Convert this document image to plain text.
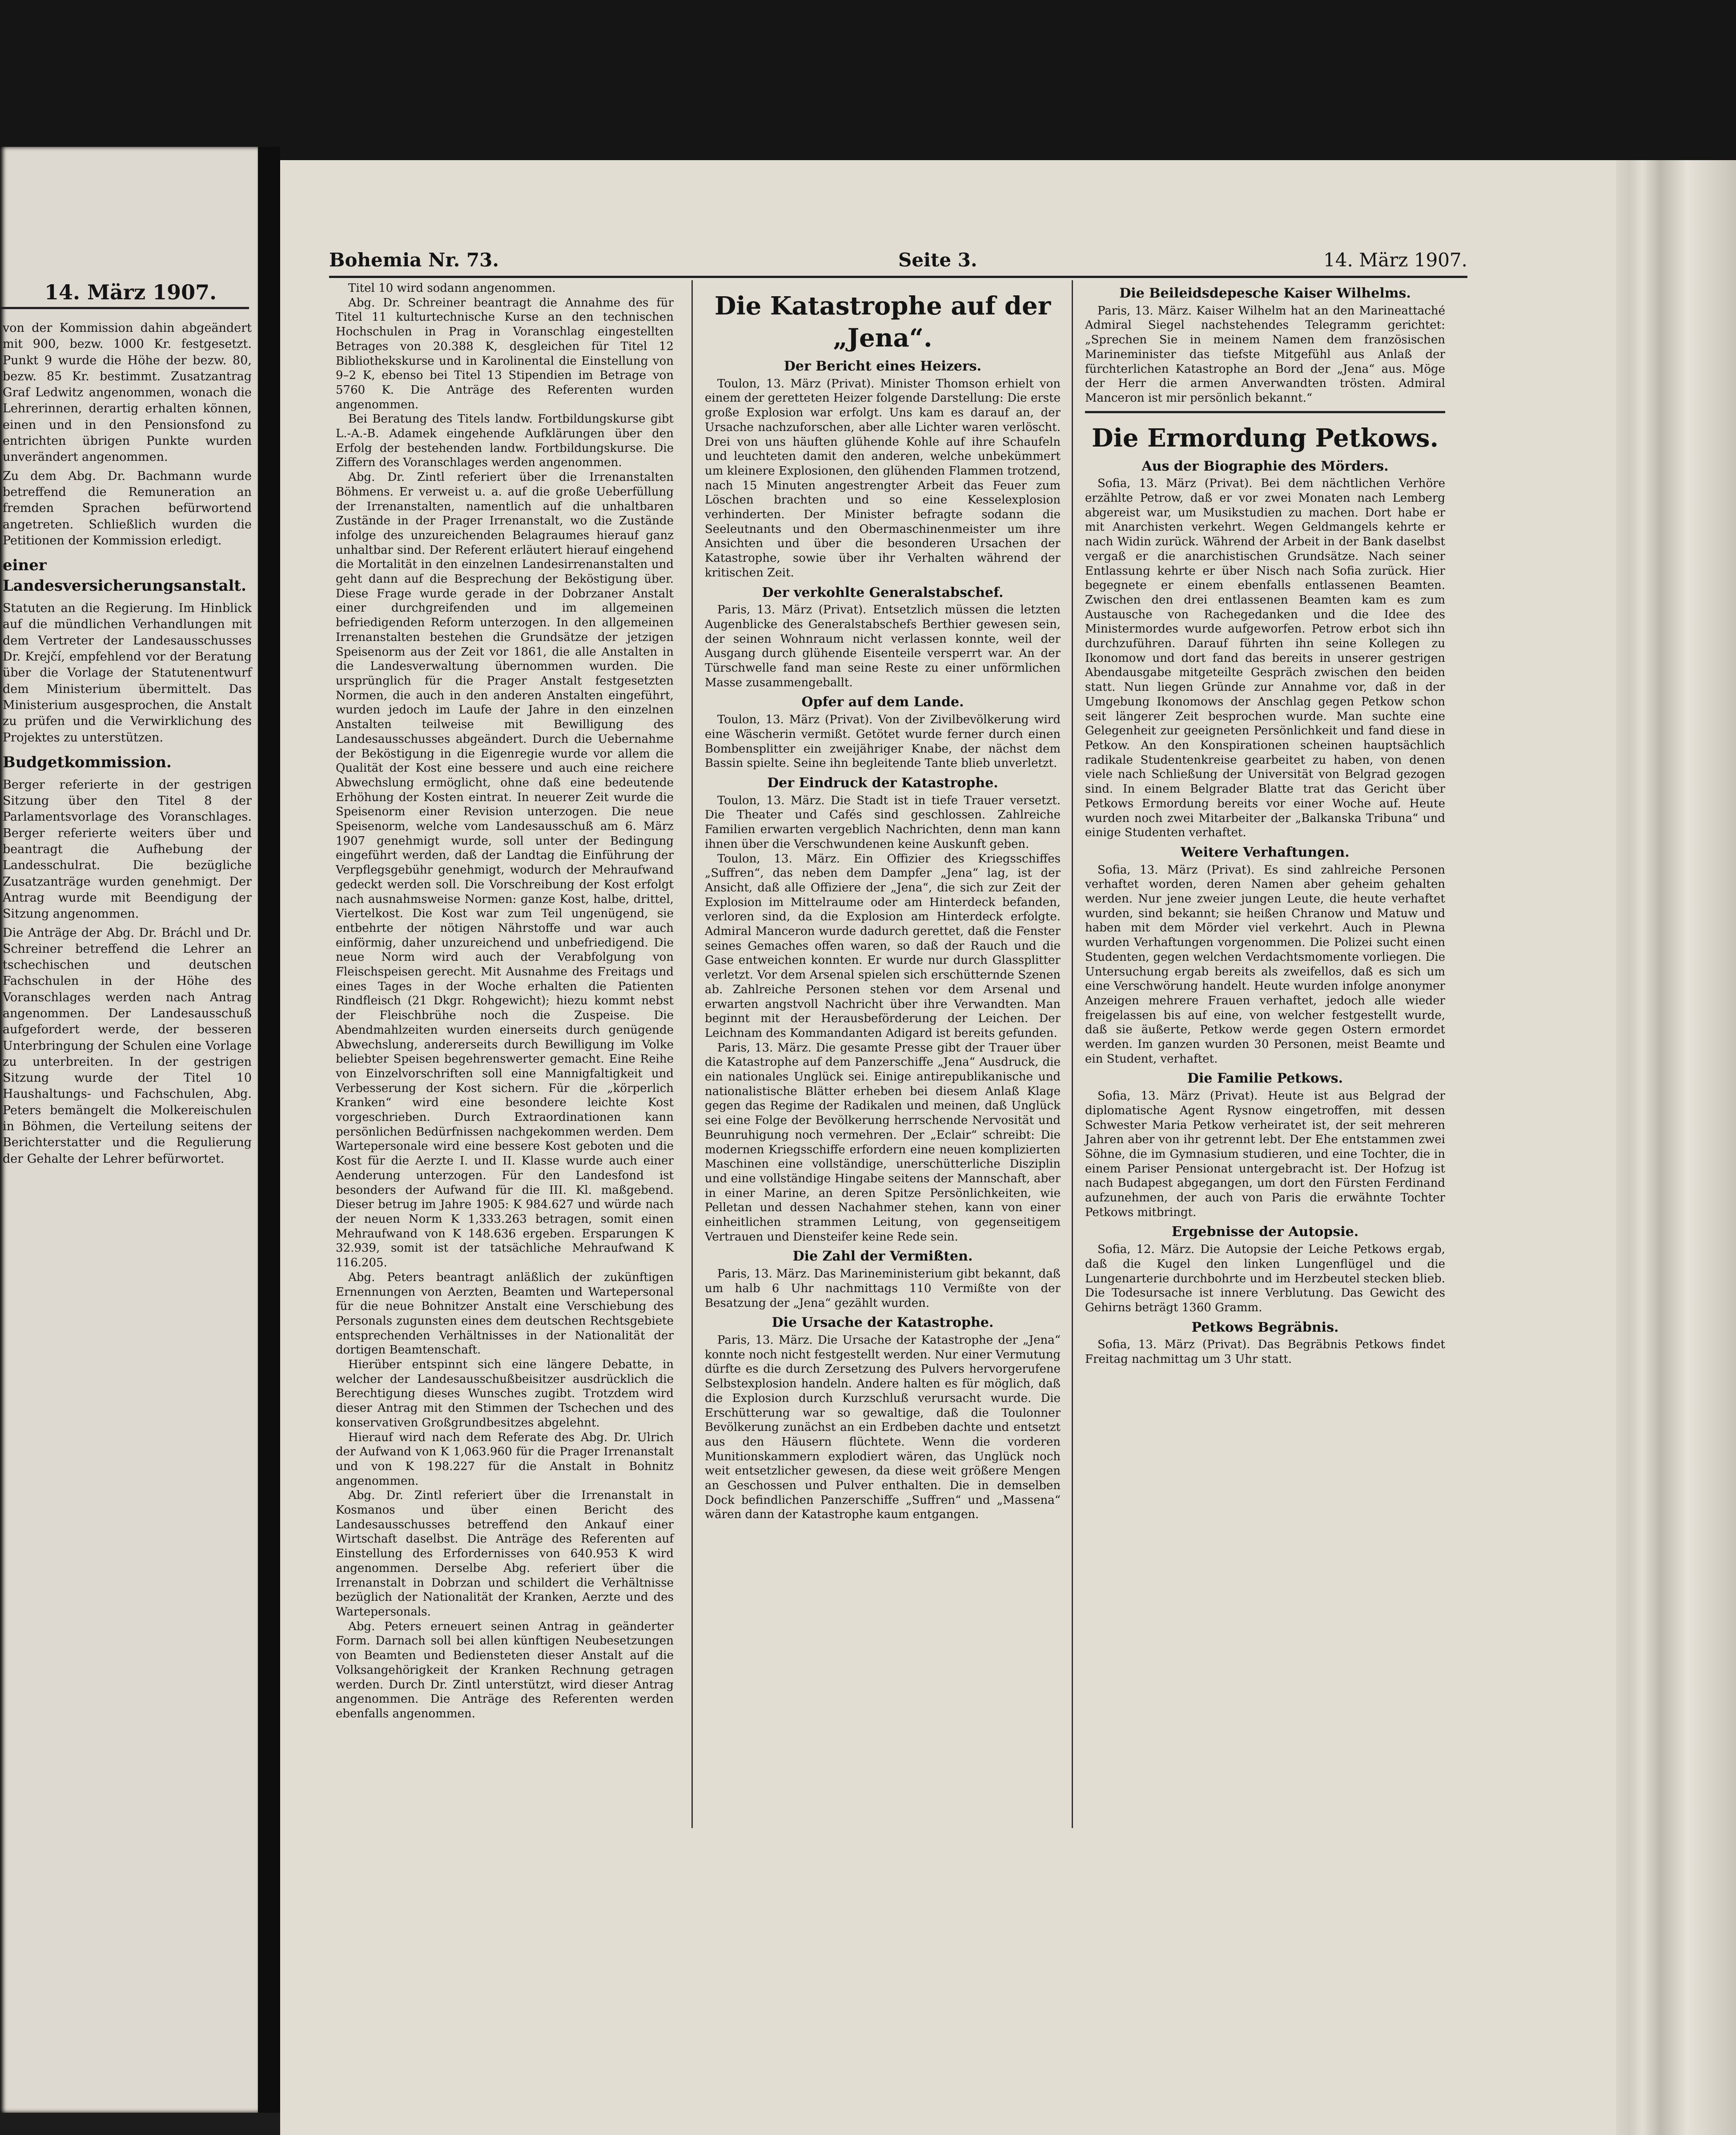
14. März 1907.

von der Kommission dahin abgeändert mit 900, bezw. 1000 Kr. festgesetzt. Punkt 9 wurde die Höhe der bezw. 80, bezw. 85 Kr. bestimmt. Zusatzantrag Graf Ledwitz angenommen, wonach die Lehrerinnen, derartig erhalten können, einen und in den Pensionsfond zu entrichten übrigen Punkte wurden unverändert angenommen.

Zu dem Abg. Dr. Bachmann wurde betreffend die Remuneration an fremden Sprachen befürwortend angetreten. Schließlich wurden die Petitionen der Kommission erledigt.

einer Landesversicherungsanstalt.

Statuten an die Regierung. Im Hinblick auf die mündlichen Verhandlungen mit dem Vertreter der Landesausschusses Dr. Krejčí, empfehlend vor der Beratung über die Vorlage der Statutenentwurf dem Ministerium übermittelt. Das Ministerium ausgesprochen, die Anstalt zu prüfen und die Verwirklichung des Projektes zu unterstützen.

Budgetkommission.

Berger referierte in der gestrigen Sitzung über den Titel 8 der Parlamentsvorlage des Voranschlages. Berger referierte weiters über und beantragt die Aufhebung der Landesschulrat. Die bezügliche Zusatzanträge wurden genehmigt. Der Antrag wurde mit Beendigung der Sitzung angenommen.

Die Anträge der Abg. Dr. Bráchl und Dr. Schreiner betreffend die Lehrer an tschechischen und deutschen Fachschulen in der Höhe des Voranschlages werden nach Antrag angenommen. Der Landesausschuß aufgefordert werde, der besseren Unterbringung der Schulen eine Vorlage zu unterbreiten. In der gestrigen Sitzung wurde der Titel 10 Haushaltungs- und Fachschulen, Abg. Peters bemängelt die Molkereischulen in Böhmen, die Verteilung seitens der Berichterstatter und die Regulierung der Gehalte der Lehrer befürwortet.

Bohemia Nr. 73.	Seite 3.	14. März 1907.

Titel 10 wird sodann angenommen.

Abg. Dr. Schreiner beantragt die Annahme des für Titel 11 kulturtechnische Kurse an den technischen Hochschulen in Prag in Voranschlag eingestellten Betrages von 20.388 K, desgleichen für Titel 12 Bibliothekskurse und in Karolinental die Einstellung von 9–2 K, ebenso bei Titel 13 Stipendien im Betrage von 5760 K. Die Anträge des Referenten wurden angenommen.

Bei Beratung des Titels landw. Fortbildungskurse gibt L.-A.-B. Adamek eingehende Aufklärungen über den Erfolg der bestehenden landw. Fortbildungskurse. Die Ziffern des Voranschlages werden angenommen.

Abg. Dr. Zintl referiert über die Irrenanstalten Böhmens. Er verweist u. a. auf die große Ueberfüllung der Irrenanstalten, namentlich auf die unhaltbaren Zustände in der Prager Irrenanstalt, wo die Zustände infolge des unzureichenden Belagraumes hierauf ganz unhaltbar sind. Der Referent erläutert hierauf eingehend die Mortalität in den einzelnen Landesirrenanstalten und geht dann auf die Besprechung der Beköstigung über. Diese Frage wurde gerade in der Dobrzaner Anstalt einer durchgreifenden und im allgemeinen befriedigenden Reform unterzogen. In den allgemeinen Irrenanstalten bestehen die Grundsätze der jetzigen Speisenorm aus der Zeit vor 1861, die alle Anstalten in die Landesverwaltung übernommen wurden. Die ursprünglich für die Prager Anstalt festgesetzten Normen, die auch in den anderen Anstalten eingeführt, wurden jedoch im Laufe der Jahre in den einzelnen Anstalten teilweise mit Bewilligung des Landesausschusses abgeändert. Durch die Uebernahme der Beköstigung in die Eigenregie wurde vor allem die Qualität der Kost eine bessere und auch eine reichere Abwechslung ermöglicht, ohne daß eine bedeutende Erhöhung der Kosten eintrat. In neuerer Zeit wurde die Speisenorm einer Revision unterzogen. Die neue Speisenorm, welche vom Landesausschuß am 6. März 1907 genehmigt wurde, soll unter der Bedingung eingeführt werden, daß der Landtag die Einführung der Verpflegsgebühr genehmigt, wodurch der Mehraufwand gedeckt werden soll. Die Vorschreibung der Kost erfolgt nach ausnahmsweise Normen: ganze Kost, halbe, drittel, Viertelkost. Die Kost war zum Teil ungenügend, sie entbehrte der nötigen Nährstoffe und war auch einförmig, daher unzureichend und unbefriedigend. Die neue Norm wird auch der Verabfolgung von Fleischspeisen gerecht. Mit Ausnahme des Freitags und eines Tages in der Woche erhalten die Patienten Rindfleisch (21 Dkgr. Rohgewicht); hiezu kommt nebst der Fleischbrühe noch die Zuspeise. Die Abendmahlzeiten wurden einerseits durch genügende Abwechslung, andererseits durch Bewilligung im Volke beliebter Speisen begehrenswerter gemacht. Eine Reihe von Einzelvorschriften soll eine Mannigfaltigkeit und Verbesserung der Kost sichern. Für die „körperlich Kranken“ wird eine besondere leichte Kost vorgeschrieben. Durch Extraordinationen kann persönlichen Bedürfnissen nachgekommen werden. Dem Wartepersonale wird eine bessere Kost geboten und die Kost für die Aerzte I. und II. Klasse wurde auch einer Aenderung unterzogen. Für den Landesfond ist besonders der Aufwand für die III. Kl. maßgebend. Dieser betrug im Jahre 1905: K 984.627 und würde nach der neuen Norm K 1,333.263 betragen, somit einen Mehraufwand von K 148.636 ergeben. Ersparungen K 32.939, somit ist der tatsächliche Mehraufwand K 116.205.

Abg. Peters beantragt anläßlich der zukünftigen Ernennungen von Aerzten, Beamten und Wartepersonal für die neue Bohnitzer Anstalt eine Verschiebung des Personals zugunsten eines dem deutschen Rechtsgebiete entsprechenden Verhältnisses in der Nationalität der dortigen Beamtenschaft.

Hierüber entspinnt sich eine längere Debatte, in welcher der Landesausschußbeisitzer ausdrücklich die Berechtigung dieses Wunsches zugibt. Trotzdem wird dieser Antrag mit den Stimmen der Tschechen und des konservativen Großgrundbesitzes abgelehnt.

Hierauf wird nach dem Referate des Abg. Dr. Ulrich der Aufwand von K 1,063.960 für die Prager Irrenanstalt und von K 198.227 für die Anstalt in Bohnitz angenommen.

Abg. Dr. Zintl referiert über die Irrenanstalt in Kosmanos und über einen Bericht des Landesausschusses betreffend den Ankauf einer Wirtschaft daselbst. Die Anträge des Referenten auf Einstellung des Erfordernisses von 640.953 K wird angenommen. Derselbe Abg. referiert über die Irrenanstalt in Dobrzan und schildert die Verhältnisse bezüglich der Nationalität der Kranken, Aerzte und des Wartepersonals.

Abg. Peters erneuert seinen Antrag in geänderter Form. Darnach soll bei allen künftigen Neubesetzungen von Beamten und Bediensteten dieser Anstalt auf die Volksangehörigkeit der Kranken Rechnung getragen werden. Durch Dr. Zintl unterstützt, wird dieser Antrag angenommen. Die Anträge des Referenten werden ebenfalls angenommen.

Die Katastrophe auf der „Jena“.
Der Bericht eines Heizers.

Toulon, 13. März (Privat). Minister Thomson erhielt von einem der geretteten Heizer folgende Darstellung: Die erste große Explosion war erfolgt. Uns kam es darauf an, der Ursache nachzuforschen, aber alle Lichter waren verlöscht. Drei von uns häuften glühende Kohle auf ihre Schaufeln und leuchteten damit den anderen, welche unbekümmert um kleinere Explosionen, den glühenden Flammen trotzend, nach 15 Minuten angestrengter Arbeit das Feuer zum Löschen brachten und so eine Kesselexplosion verhinderten. Der Minister befragte sodann die Seeleutnants und den Obermaschinenmeister um ihre Ansichten und über die besonderen Ursachen der Katastrophe, sowie über ihr Verhalten während der kritischen Zeit.

Der verkohlte Generalstabschef.

Paris, 13. März (Privat). Entsetzlich müssen die letzten Augenblicke des Generalstabschefs Berthier gewesen sein, der seinen Wohnraum nicht verlassen konnte, weil der Ausgang durch glühende Eisenteile versperrt war. An der Türschwelle fand man seine Reste zu einer unförmlichen Masse zusammengeballt.

Opfer auf dem Lande.

Toulon, 13. März (Privat). Von der Zivilbevölkerung wird eine Wäscherin vermißt. Getötet wurde ferner durch einen Bombensplitter ein zweijähriger Knabe, der nächst dem Bassin spielte. Seine ihn begleitende Tante blieb unverletzt.

Der Eindruck der Katastrophe.

Toulon, 13. März. Die Stadt ist in tiefe Trauer versetzt. Die Theater und Cafés sind geschlossen. Zahlreiche Familien erwarten vergeblich Nachrichten, denn man kann ihnen über die Verschwundenen keine Auskunft geben.

Toulon, 13. März. Ein Offizier des Kriegsschiffes „Suffren“, das neben dem Dampfer „Jena“ lag, ist der Ansicht, daß alle Offiziere der „Jena“, die sich zur Zeit der Explosion im Mittelraume oder am Hinterdeck befanden, verloren sind, da die Explosion am Hinterdeck erfolgte. Admiral Manceron wurde dadurch gerettet, daß die Fenster seines Gemaches offen waren, so daß der Rauch und die Gase entweichen konnten. Er wurde nur durch Glassplitter verletzt. Vor dem Arsenal spielen sich erschütternde Szenen ab. Zahlreiche Personen stehen vor dem Arsenal und erwarten angstvoll Nachricht über ihre Verwandten. Man beginnt mit der Herausbeförderung der Leichen. Der Leichnam des Kommandanten Adigard ist bereits gefunden.

Paris, 13. März. Die gesamte Presse gibt der Trauer über die Katastrophe auf dem Panzerschiffe „Jena“ Ausdruck, die ein nationales Unglück sei. Einige antirepublikanische und nationalistische Blätter erheben bei diesem Anlaß Klage gegen das Regime der Radikalen und meinen, daß Unglück sei eine Folge der Bevölkerung herrschende Nervosität und Beunruhigung noch vermehren. Der „Eclair“ schreibt: Die modernen Kriegsschiffe erfordern eine neuen komplizierten Maschinen eine vollständige, unerschütterliche Disziplin und eine vollständige Hingabe seitens der Mannschaft, aber in einer Marine, an deren Spitze Persönlichkeiten, wie Pelletan und dessen Nachahmer stehen, kann von einer einheitlichen strammen Leitung, von gegenseitigem Vertrauen und Diensteifer keine Rede sein.

Die Zahl der Vermißten.

Paris, 13. März. Das Marineministerium gibt bekannt, daß um halb 6 Uhr nachmittags 110 Vermißte von der Besatzung der „Jena“ gezählt wurden.

Die Ursache der Katastrophe.

Paris, 13. März. Die Ursache der Katastrophe der „Jena“ konnte noch nicht festgestellt werden. Nur einer Vermutung dürfte es die durch Zersetzung des Pulvers hervorgerufene Selbstexplosion handeln. Andere halten es für möglich, daß die Explosion durch Kurzschluß verursacht wurde. Die Erschütterung war so gewaltige, daß die Toulonner Bevölkerung zunächst an ein Erdbeben dachte und entsetzt aus den Häusern flüchtete. Wenn die vorderen Munitionskammern explodiert wären, das Unglück noch weit entsetzlicher gewesen, da diese weit größere Mengen an Geschossen und Pulver enthalten. Die in demselben Dock befindlichen Panzerschiffe „Suffren“ und „Massena“ wären dann der Katastrophe kaum entgangen.

Die Beileidsdepesche Kaiser Wilhelms.

Paris, 13. März. Kaiser Wilhelm hat an den Marineattaché Admiral Siegel nachstehendes Telegramm gerichtet: „Sprechen Sie in meinem Namen dem französischen Marineminister das tiefste Mitgefühl aus Anlaß der fürchterlichen Katastrophe an Bord der „Jena“ aus. Möge der Herr die armen Anverwandten trösten. Admiral Manceron ist mir persönlich bekannt.“

Die Ermordung Petkows.
Aus der Biographie des Mörders.

Sofia, 13. März (Privat). Bei dem nächtlichen Verhöre erzählte Petrow, daß er vor zwei Monaten nach Lemberg abgereist war, um Musikstudien zu machen. Dort habe er mit Anarchisten verkehrt. Wegen Geldmangels kehrte er nach Widin zurück. Während der Arbeit in der Bank daselbst vergaß er die anarchistischen Grundsätze. Nach seiner Entlassung kehrte er über Nisch nach Sofia zurück. Hier begegnete er einem ebenfalls entlassenen Beamten. Zwischen den drei entlassenen Beamten kam es zum Austausche von Rachegedanken und die Idee des Ministermordes wurde aufgeworfen. Petrow erbot sich ihn durchzuführen. Darauf führten ihn seine Kollegen zu Ikonomow und dort fand das bereits in unserer gestrigen Abendausgabe mitgeteilte Gespräch zwischen den beiden statt. Nun liegen Gründe zur Annahme vor, daß in der Umgebung Ikonomows der Anschlag gegen Petkow schon seit längerer Zeit besprochen wurde. Man suchte eine Gelegenheit zur geeigneten Persönlichkeit und fand diese in Petkow. An den Konspirationen scheinen hauptsächlich radikale Studentenkreise gearbeitet zu haben, von denen viele nach Schließung der Universität von Belgrad gezogen sind. In einem Belgrader Blatte trat das Gericht über Petkows Ermordung bereits vor einer Woche auf. Heute wurden noch zwei Mitarbeiter der „Balkanska Tribuna“ und einige Studenten verhaftet.

Weitere Verhaftungen.

Sofia, 13. März (Privat). Es sind zahlreiche Personen verhaftet worden, deren Namen aber geheim gehalten werden. Nur jene zweier jungen Leute, die heute verhaftet wurden, sind bekannt; sie heißen Chranow und Matuw und haben mit dem Mörder viel verkehrt. Auch in Plewna wurden Verhaftungen vorgenommen. Die Polizei sucht einen Studenten, gegen welchen Verdachtsmomente vorliegen. Die Untersuchung ergab bereits als zweifellos, daß es sich um eine Verschwörung handelt. Heute wurden infolge anonymer Anzeigen mehrere Frauen verhaftet, jedoch alle wieder freigelassen bis auf eine, von welcher festgestellt wurde, daß sie äußerte, Petkow werde gegen Ostern ermordet werden. Im ganzen wurden 30 Personen, meist Beamte und ein Student, verhaftet.

Die Familie Petkows.

Sofia, 13. März (Privat). Heute ist aus Belgrad der diplomatische Agent Rysnow eingetroffen, mit dessen Schwester Maria Petkow verheiratet ist, der seit mehreren Jahren aber von ihr getrennt lebt. Der Ehe entstammen zwei Söhne, die im Gymnasium studieren, und eine Tochter, die in einem Pariser Pensionat untergebracht ist. Der Hofzug ist nach Budapest abgegangen, um dort den Fürsten Ferdinand aufzunehmen, der auch von Paris die erwähnte Tochter Petkows mitbringt.

Ergebnisse der Autopsie.

Sofia, 12. März. Die Autopsie der Leiche Petkows ergab, daß die Kugel den linken Lungenflügel und die Lungenarterie durchbohrte und im Herzbeutel stecken blieb. Die Todesursache ist innere Verblutung. Das Gewicht des Gehirns beträgt 1360 Gramm.

Petkows Begräbnis.

Sofia, 13. März (Privat). Das Begräbnis Petkows findet Freitag nachmittag um 3 Uhr statt.
